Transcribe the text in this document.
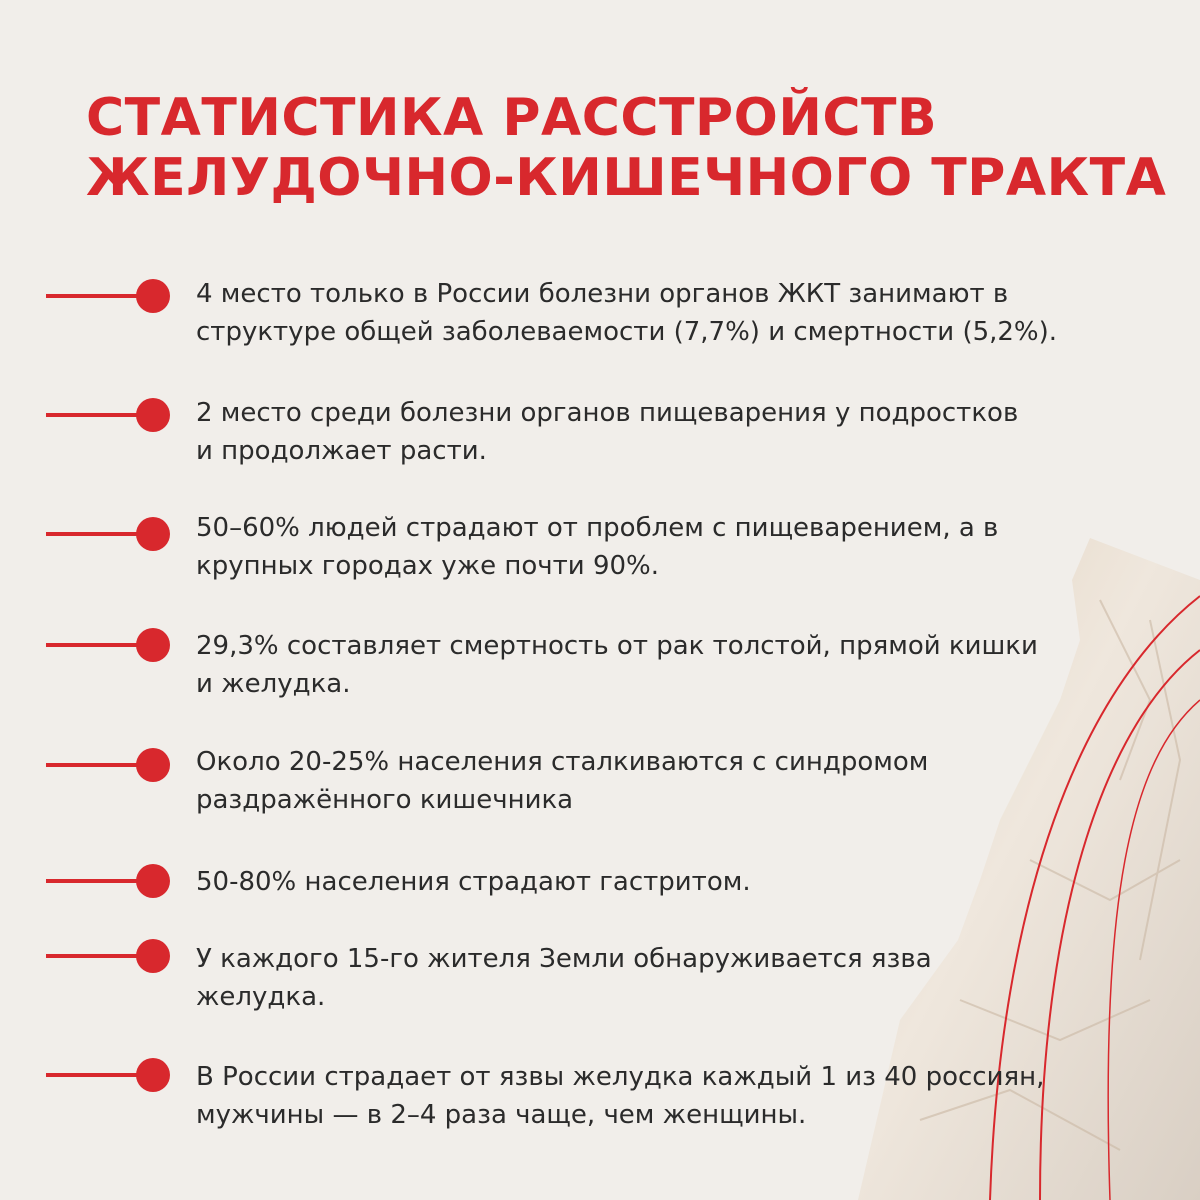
СТАТИСТИКА РАССТРОЙСТВ
ЖЕЛУДОЧНО-КИШЕЧНОГО ТРАКТА

4 место только в России болезни органов ЖКТ занимают в
структуре общей заболеваемости (7,7%) и смертности (5,2%).

2 место среди болезни органов пищеварения у подростков
и продолжает расти.

50–60% людей страдают от проблем с пищеварением, а в
крупных городах уже почти 90%.

29,3% составляет смертность от рак толстой, прямой кишки
и желудка.

Около 20-25% населения сталкиваются с синдромом
раздражённого кишечника

50-80% населения страдают гастритом.

У каждого 15-го жителя Земли обнаруживается язва
желудка.

В России страдает от язвы желудка каждый 1 из 40 россиян,
мужчины — в 2–4 раза чаще, чем женщины.
